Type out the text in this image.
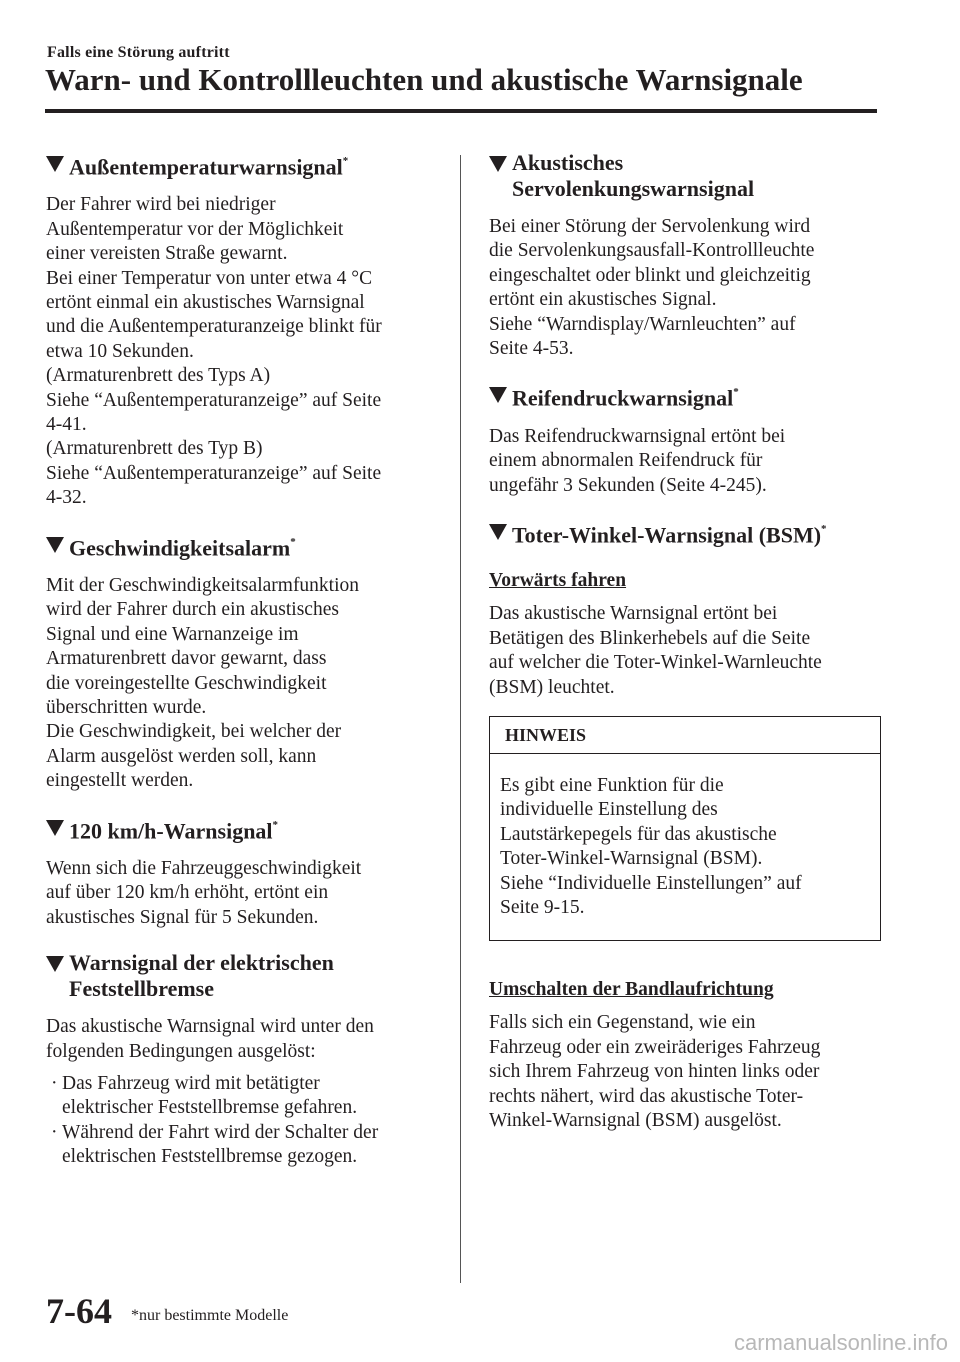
Falls eine Störung auftritt
Warn- und Kontrollleuchten und akustische Warnsignale
Außentemperaturwarnsignal*

Der Fahrer wird bei niedriger
Außentemperatur vor der Möglichkeit
einer vereisten Straße gewarnt.
Bei einer Temperatur von unter etwa 4 °C
ertönt einmal ein akustisches Warnsignal
und die Außentemperaturanzeige blinkt für
etwa 10 Sekunden.
(Armaturenbrett des Typs A)
Siehe “Außentemperaturanzeige” auf Seite
4-41.
(Armaturenbrett des Typ B)
Siehe “Außentemperaturanzeige” auf Seite
4-32.

Geschwindigkeitsalarm*

Mit der Geschwindigkeitsalarmfunktion
wird der Fahrer durch ein akustisches
Signal und eine Warnanzeige im
Armaturenbrett davor gewarnt, dass
die voreingestellte Geschwindigkeit
überschritten wurde.
Die Geschwindigkeit, bei welcher der
Alarm ausgelöst werden soll, kann
eingestellt werden.

120 km/h-Warnsignal*

Wenn sich die Fahrzeuggeschwindigkeit
auf über 120 km/h erhöht, ertönt ein
akustisches Signal für 5 Sekunden.

Warnsignal der elektrischen
Feststellbremse

Das akustische Warnsignal wird unter den
folgenden Bedingungen ausgelöst:

· Das Fahrzeug wird mit betätigter
elektrischer Feststellbremse gefahren.
· Während der Fahrt wird der Schalter der
elektrischen Feststellbremse gezogen.
Akustisches
Servolenkungswarnsignal

Bei einer Störung der Servolenkung wird
die Servolenkungsausfall-Kontrollleuchte
eingeschaltet oder blinkt und gleichzeitig
ertönt ein akustisches Signal.
Siehe “Warndisplay/Warnleuchten” auf
Seite 4-53.

Reifendruckwarnsignal*

Das Reifendruckwarnsignal ertönt bei
einem abnormalen Reifendruck für
ungefähr 3 Sekunden (Seite 4-245).

Toter-Winkel-Warnsignal (BSM)*
Vorwärts fahren

Das akustische Warnsignal ertönt bei
Betätigen des Blinkerhebels auf die Seite
auf welcher die Toter-Winkel-Warnleuchte
(BSM) leuchtet.

HINWEIS
Es gibt eine Funktion für die
individuelle Einstellung des
Lautstärkepegels für das akustische
Toter-Winkel-Warnsignal (BSM).
Siehe “Individuelle Einstellungen” auf
Seite 9-15.
Umschalten der Bandlaufrichtung

Falls sich ein Gegenstand, wie ein
Fahrzeug oder ein zweiräderiges Fahrzeug
sich Ihrem Fahrzeug von hinten links oder
rechts nähert, wird das akustische Toter-
Winkel-Warnsignal (BSM) ausgelöst.

7-64 *nur bestimmte Modelle
carmanualsonline.info
